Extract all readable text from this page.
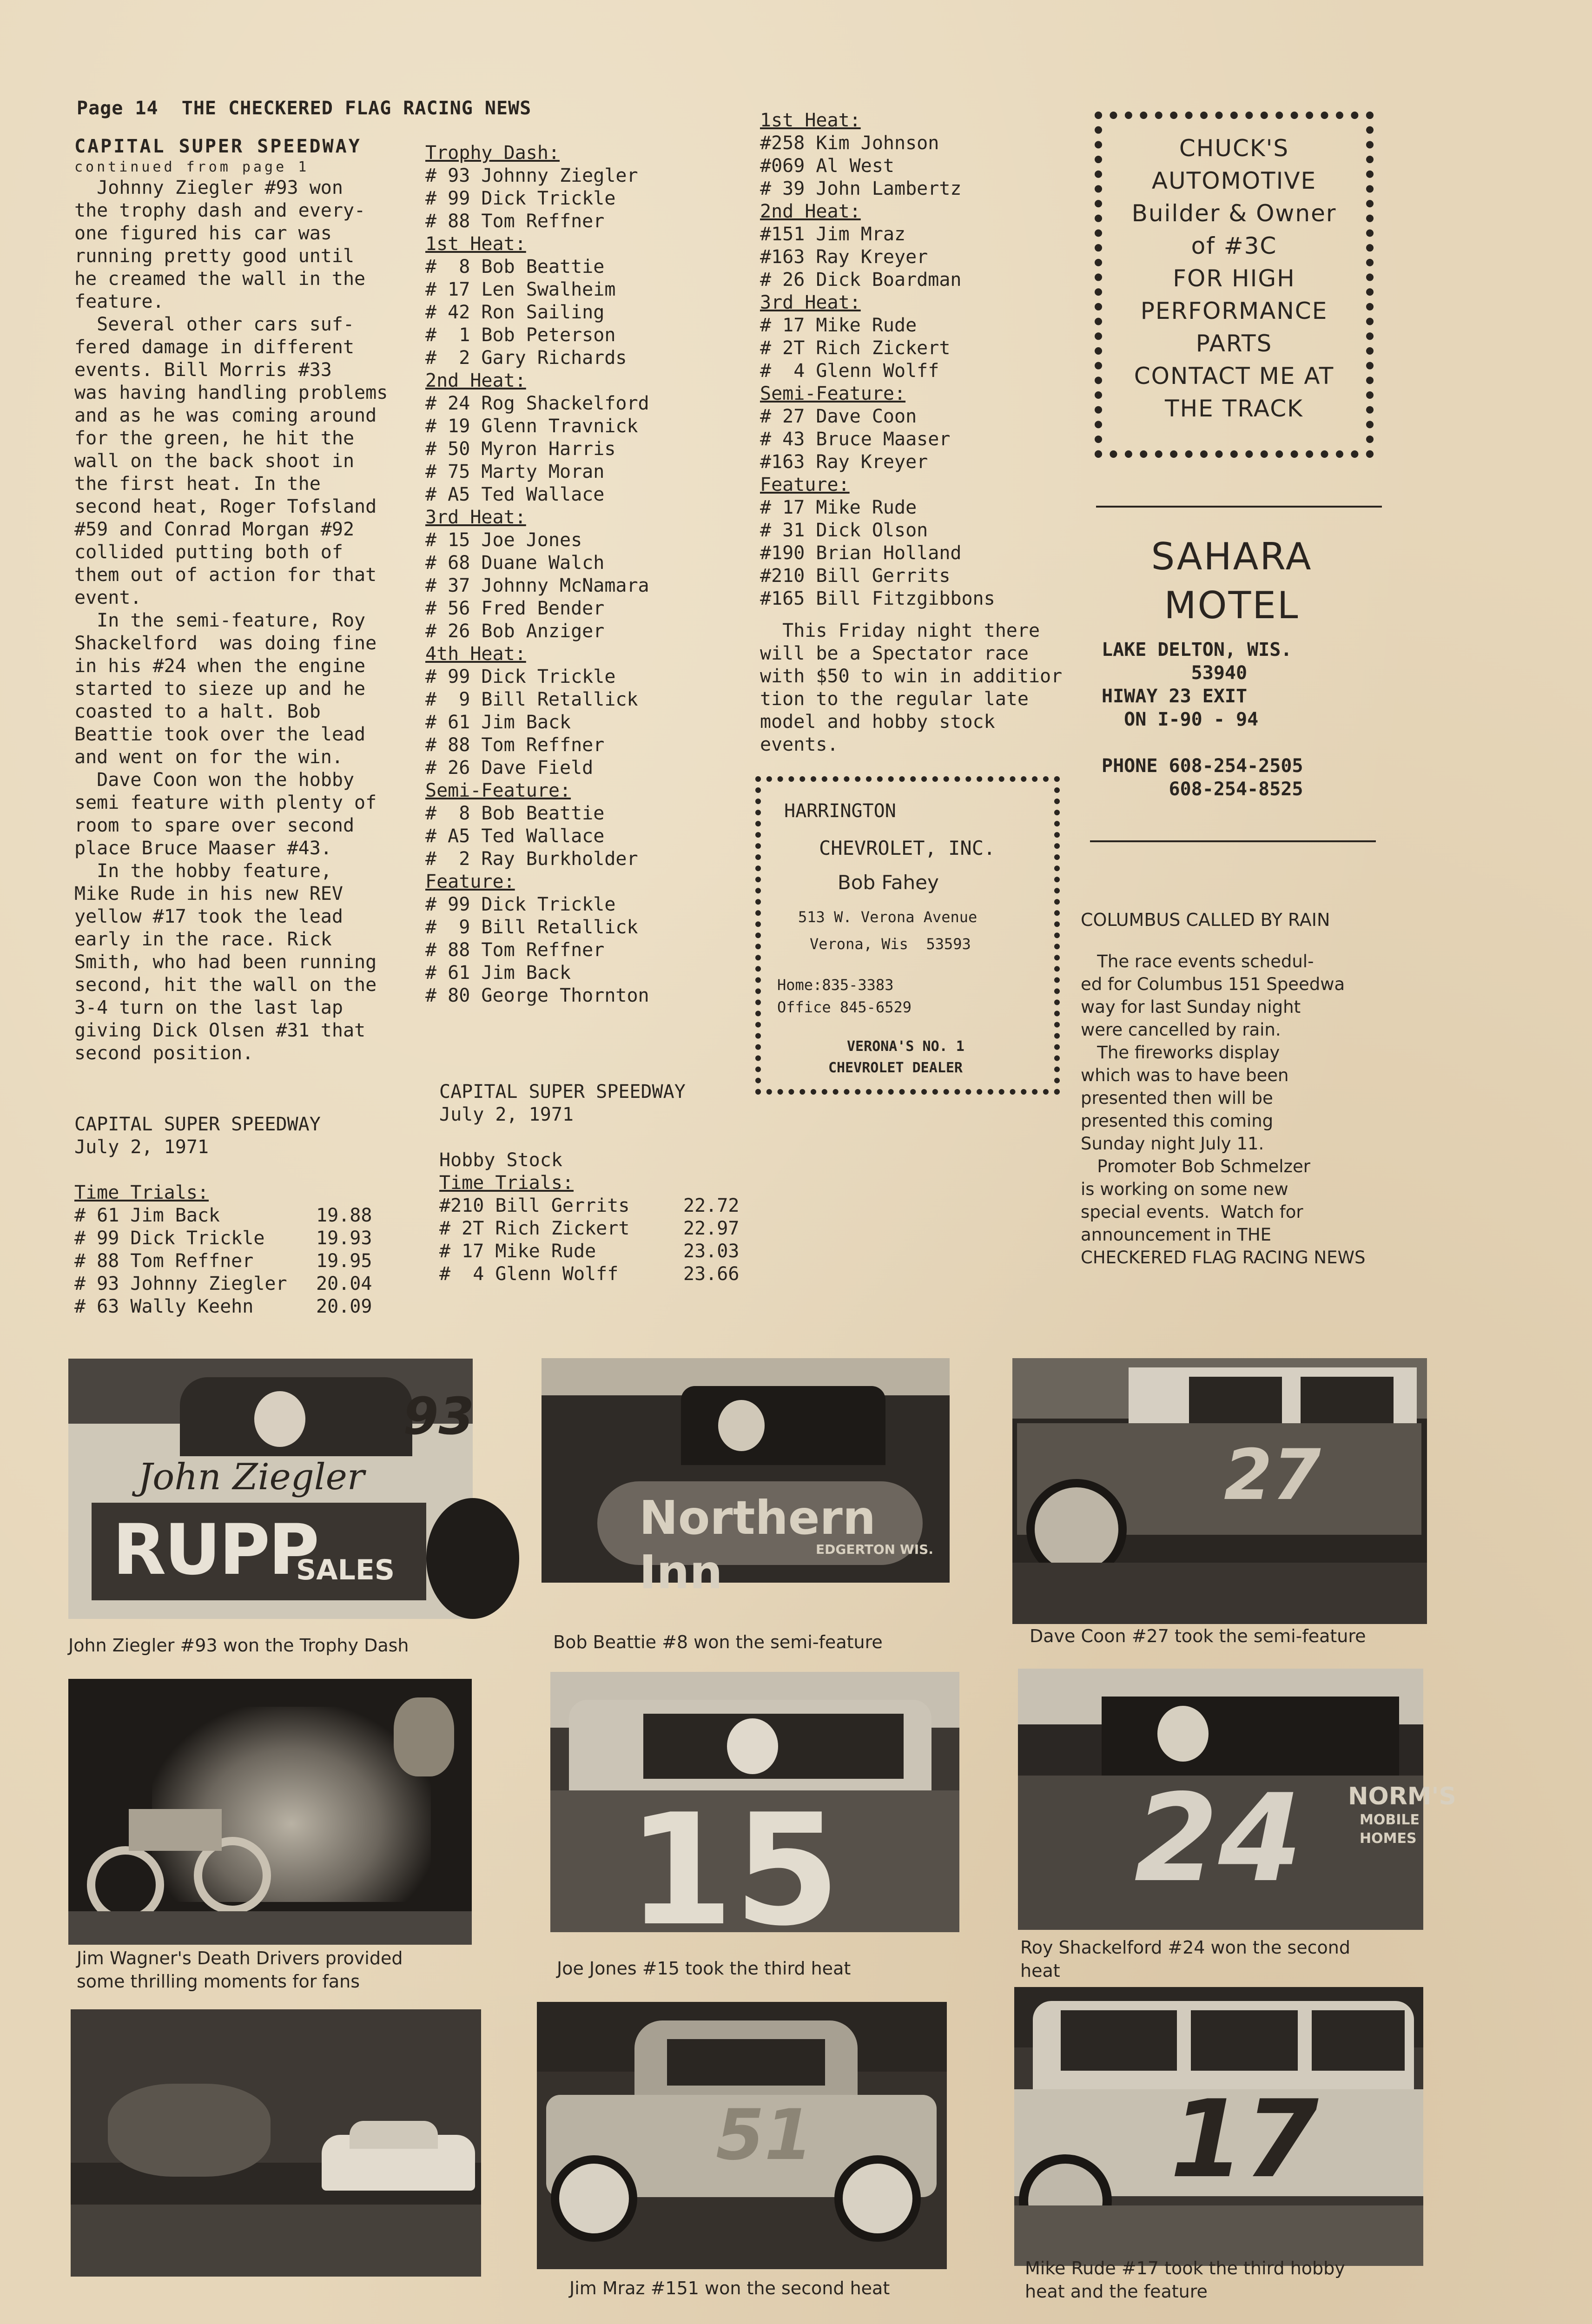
Page 14  THE CHECKERED FLAG RACING NEWS
CAPITAL SUPER SPEEDWAY
continued from page 1
Johnny Ziegler #93 won
the trophy dash and every-
one figured his car was
running pretty good until
he creamed the wall in the
feature.
Several other cars suf-
fered damage in different
events. Bill Morris #33
was having handling problems
and as he was coming around
for the green, he hit the
wall on the back shoot in
the first heat. In the
second heat, Roger Tofsland
#59 and Conrad Morgan #92
collided putting both of
them out of action for that
event.
In the semi-feature, Roy
Shackelford  was doing fine
in his #24 when the engine
started to sieze up and he
coasted to a halt. Bob
Beattie took over the lead
and went on for the win.
Dave Coon won the hobby
semi feature with plenty of
room to spare over second
place Bruce Maaser #43.
In the hobby feature,
Mike Rude in his new REV
yellow #17 took the lead
early in the race. Rick
Smith, who had been running
second, hit the wall on the
3-4 turn on the last lap
giving Dick Olsen #31 that
second position.
CAPITAL SUPER SPEEDWAY
July 2, 1971
Time Trials:
# 61 Jim Back	19.88
# 99 Dick Trickle	19.93
# 88 Tom Reffner	19.95
# 93 Johnny Ziegler 20.04
# 63 Wally Keehn	20.09
Trophy Dash:
# 93 Johnny Ziegler
# 99 Dick Trickle
# 88 Tom Reffner
1st Heat:
#  8 Bob Beattie
# 17 Len Swalheim
# 42 Ron Sailing
#  1 Bob Peterson
#  2 Gary Richards
2nd Heat:
# 24 Rog Shackelford
# 19 Glenn Travnick
# 50 Myron Harris
# 75 Marty Moran
# A5 Ted Wallace
3rd Heat:
# 15 Joe Jones
# 68 Duane Walch
# 37 Johnny McNamara
# 56 Fred Bender
# 26 Bob Anziger
4th Heat:
# 99 Dick Trickle
#  9 Bill Retallick
# 61 Jim Back
# 88 Tom Reffner
# 26 Dave Field
Semi-Feature:
#  8 Bob Beattie
# A5 Ted Wallace
#  2 Ray Burkholder
Feature:
# 99 Dick Trickle
#  9 Bill Retallick
# 88 Tom Reffner
# 61 Jim Back
# 80 George Thornton
CAPITAL SUPER SPEEDWAY
July 2, 1971
Hobby Stock
Time Trials:
#210 Bill Gerrits	22.72
# 2T Rich Zickert	22.97
# 17 Mike Rude	23.03
#  4 Glenn Wolff	23.66
1st Heat:
#258 Kim Johnson
#069 Al West
# 39 John Lambertz
2nd Heat:
#151 Jim Mraz
#163 Ray Kreyer
# 26 Dick Boardman
3rd Heat:
# 17 Mike Rude
# 2T Rich Zickert
#  4 Glenn Wolff
Semi-Feature:
# 27 Dave Coon
# 43 Bruce Maaser
#163 Ray Kreyer
Feature:
# 17 Mike Rude
# 31 Dick Olson
#190 Brian Holland
#210 Bill Gerrits
#165 Bill Fitzgibbons
This Friday night there
will be a Spectator race
with $50 to win in additior
tion to the regular late
model and hobby stock
events.
CHUCK'S
AUTOMOTIVE
Builder & Owner
of #3C
FOR HIGH
PERFORMANCE
PARTS
CONTACT ME AT
THE TRACK
SAHARA
MOTEL
LAKE DELTON, WIS.
53940
HIWAY 23 EXIT
ON I-90 - 94

PHONE 608-254-2505
608-254-8525
HARRINGTON
CHEVROLET, INC.
Bob Fahey
513 W. Verona Avenue
Verona, Wis  53593
Home:835-3383
Office 845-6529
VERONA'S NO. 1
CHEVROLET DEALER
COLUMBUS CALLED BY RAIN
The race events schedul-
ed for Columbus 151 Speedwa
way for last Sunday night
were cancelled by rain.
The fireworks display
which was to have been
presented then will be
presented this coming
Sunday night July 11.
Promoter Bob Schmelzer
is working on some new
special events.  Watch for
announcement in THE
CHECKERED FLAG RACING NEWS
93
John Ziegler
RUPP
SALES
John Ziegler #93 won the Trophy Dash
Northern Inn	EDGERTON WIS.
Bob Beattie #8 won the semi-feature
27
Dave Coon #27 took the semi-feature
Jim Wagner's Death Drivers provided
some thrilling moments for fans
15
Joe Jones #15 took the third heat
24 NORM'S
MOBILE
HOMES
Roy Shackelford #24 won the second
heat
51
Jim Mraz #151 won the second heat
17
Mike Rude #17 took the third hobby
heat and the feature
